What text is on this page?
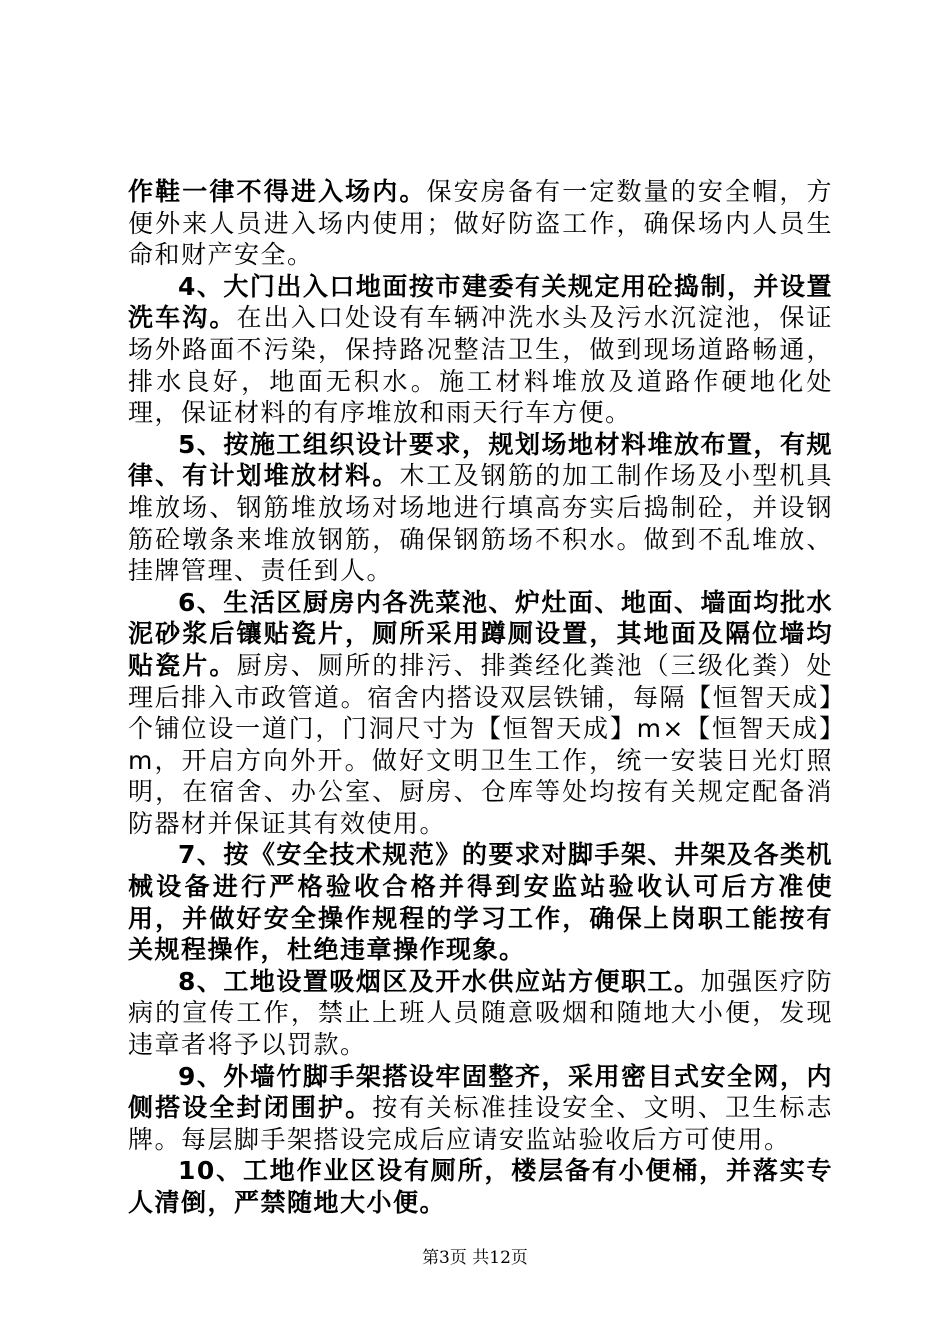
作鞋一律不得进入场内。保安房备有一定数量的安全帽，方便外来人员进入场内使用；做好防盗工作，确保场内人员生命和财产安全。

4、大门出入口地面按市建委有关规定用砼捣制，并设置洗车沟。在出入口处设有车辆冲洗水头及污水沉淀池，保证场外路面不污染，保持路况整洁卫生，做到现场道路畅通，排水良好，地面无积水。施工材料堆放及道路作硬地化处理，保证材料的有序堆放和雨天行车方便。

5、按施工组织设计要求，规划场地材料堆放布置，有规律、有计划堆放材料。木工及钢筋的加工制作场及小型机具堆放场、钢筋堆放场对场地进行填高夯实后捣制砼，并设钢筋砼墩条来堆放钢筋，确保钢筋场不积水。做到不乱堆放、挂牌管理、责任到人。

6、生活区厨房内各洗菜池、炉灶面、地面、墙面均批水泥砂浆后镶贴瓷片，厕所采用蹲厕设置，其地面及隔位墙均贴瓷片。厨房、厕所的排污、排粪经化粪池（三级化粪）处理后排入市政管道。宿舍内搭设双层铁铺，每隔【恒智天成】个铺位设一道门，门洞尺寸为【恒智天成】m×【恒智天成】m，开启方向外开。做好文明卫生工作，统一安装日光灯照明，在宿舍、办公室、厨房、仓库等处均按有关规定配备消防器材并保证其有效使用。

7、按《安全技术规范》的要求对脚手架、井架及各类机械设备进行严格验收合格并得到安监站验收认可后方准使用，并做好安全操作规程的学习工作，确保上岗职工能按有关规程操作，杜绝违章操作现象。

8、工地设置吸烟区及开水供应站方便职工。加强医疗防病的宣传工作，禁止上班人员随意吸烟和随地大小便，发现违章者将予以罚款。

9、外墙竹脚手架搭设牢固整齐，采用密目式安全网，内侧搭设全封闭围护。按有关标准挂设安全、文明、卫生标志牌。每层脚手架搭设完成后应请安监站验收后方可使用。

10、工地作业区设有厕所，楼层备有小便桶，并落实专人清倒，严禁随地大小便。

第3页 共12页
